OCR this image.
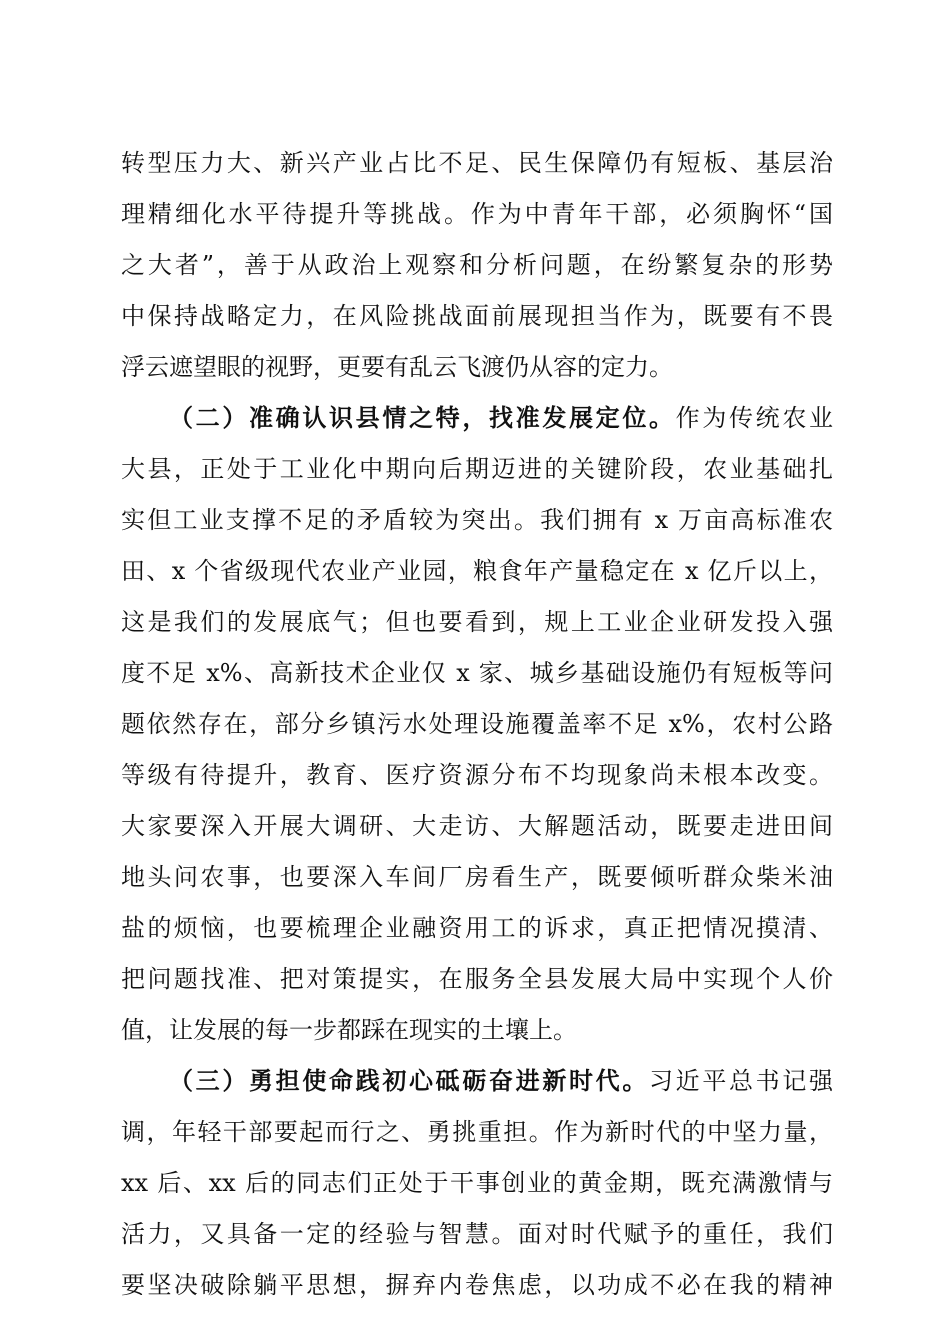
转型压力大、新兴产业占比不足、民生保障仍有短板、基层治
理精细化水平待提升等挑战。作为中青年干部，必须胸怀“国
之大者”，善于从政治上观察和分析问题，在纷繁复杂的形势
中保持战略定力，在风险挑战面前展现担当作为，既要有不畏
浮云遮望眼的视野，更要有乱云飞渡仍从容的定力。
（二）准确认识县情之特，找准发展定位。作为传统农业
大县，正处于工业化中期向后期迈进的关键阶段，农业基础扎
实但工业支撑不足的矛盾较为突出。我们拥有 x 万亩高标准农
田、x 个省级现代农业产业园，粮食年产量稳定在 x 亿斤以上，
这是我们的发展底气；但也要看到，规上工业企业研发投入强
度不足 x%、高新技术企业仅 x 家、城乡基础设施仍有短板等问
题依然存在，部分乡镇污水处理设施覆盖率不足 x%，农村公路
等级有待提升，教育、医疗资源分布不均现象尚未根本改变。
大家要深入开展大调研、大走访、大解题活动，既要走进田间
地头问农事，也要深入车间厂房看生产，既要倾听群众柴米油
盐的烦恼，也要梳理企业融资用工的诉求，真正把情况摸清、
把问题找准、把对策提实，在服务全县发展大局中实现个人价
值，让发展的每一步都踩在现实的土壤上。
（三）勇担使命践初心砥砺奋进新时代。习近平总书记强
调，年轻干部要起而行之、勇挑重担。作为新时代的中坚力量，
xx 后、xx 后的同志们正处于干事创业的黄金期，既充满激情与
活力，又具备一定的经验与智慧。面对时代赋予的重任，我们
要坚决破除躺平思想，摒弃内卷焦虑，以功成不必在我的精神
